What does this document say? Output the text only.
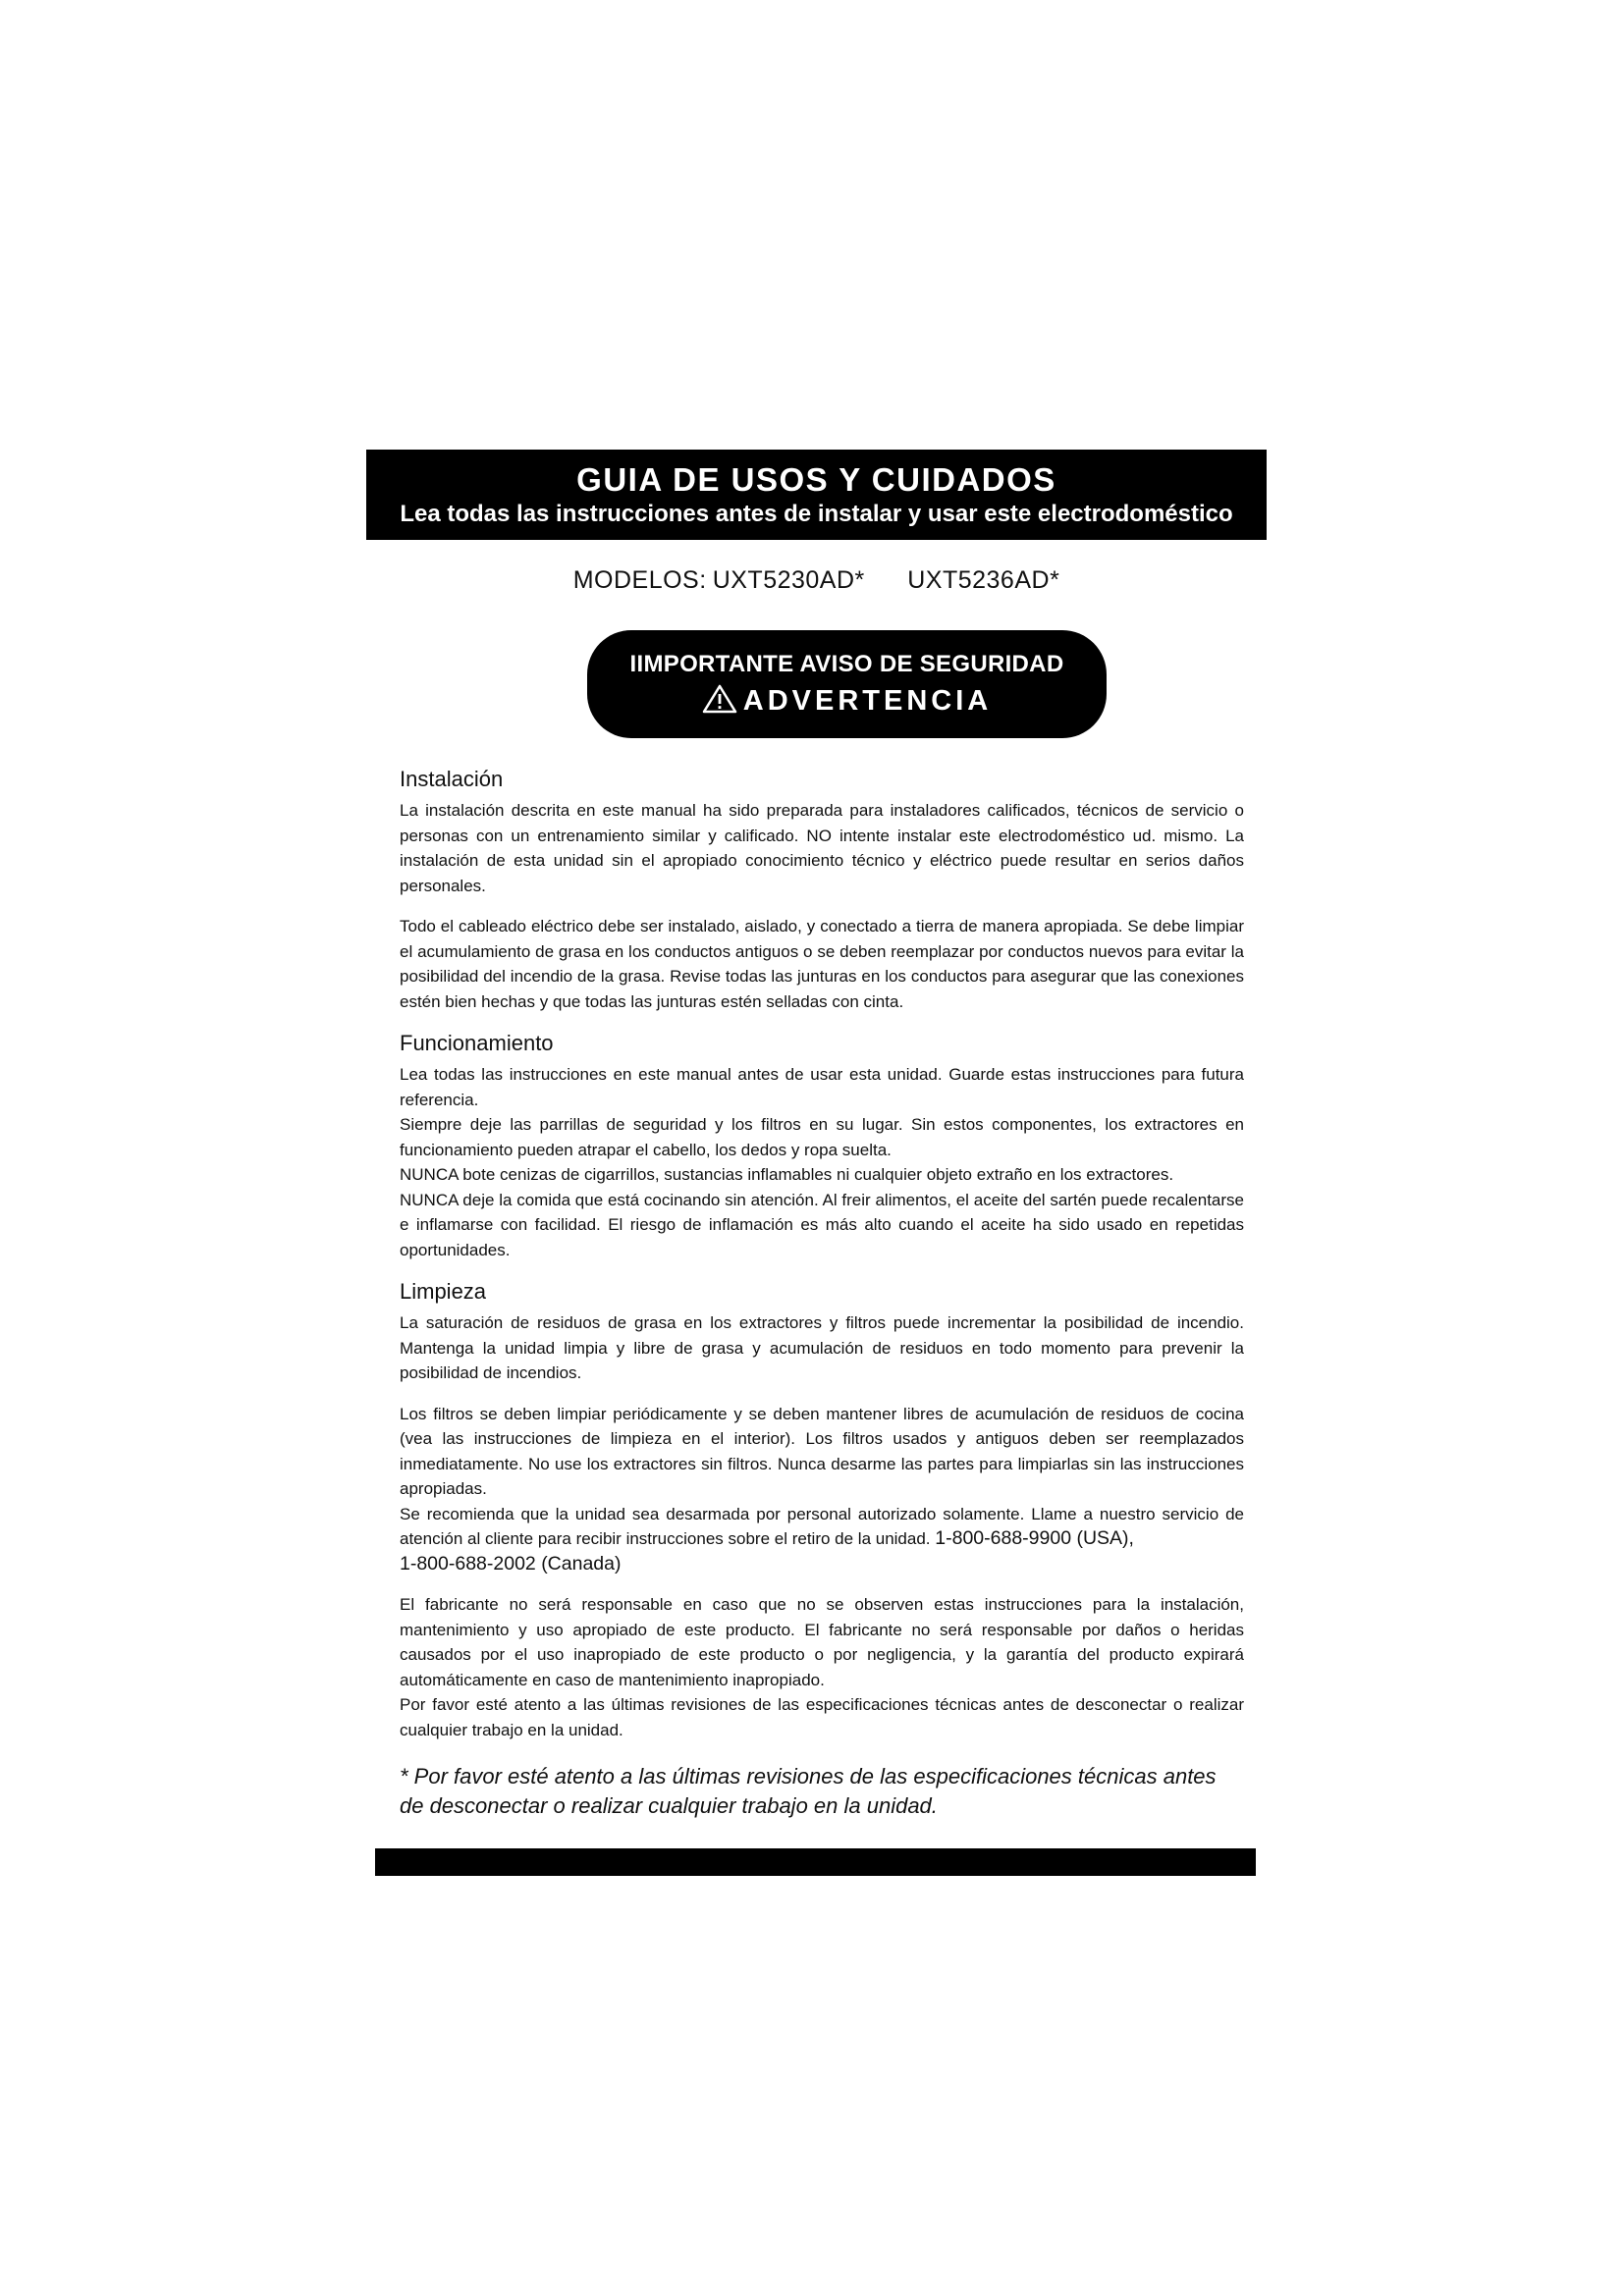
GUIA DE USOS Y CUIDADOS
Lea todas las instrucciones antes de instalar y usar este electrodoméstico
MODELOS: UXT5230AD* UXT5236AD*
IIMPORTANTE AVISO DE SEGURIDAD
ADVERTENCIA
Instalación

La instalación descrita en este manual ha sido preparada para instaladores calificados, técnicos de servicio o personas con un entrenamiento similar y calificado. NO intente instalar este electrodoméstico ud. mismo. La instalación de esta unidad sin el apropiado conocimiento técnico y eléctrico puede resultar en serios daños personales.

Todo el cableado eléctrico debe ser instalado, aislado, y conectado a tierra de manera apropiada. Se debe limpiar el acumulamiento de grasa en los conductos antiguos o se deben reemplazar por conductos nuevos para evitar la posibilidad del incendio de la grasa. Revise todas las junturas en los conductos para asegurar que las conexiones estén bien hechas y que todas las junturas estén selladas con cinta.

Funcionamiento

Lea todas las instrucciones en este manual antes de usar esta unidad. Guarde estas instrucciones para futura referencia.

Siempre deje las parrillas de seguridad y los filtros en su lugar. Sin estos componentes, los extractores en funcionamiento pueden atrapar el cabello, los dedos y ropa suelta.

NUNCA bote cenizas de cigarrillos, sustancias inflamables ni cualquier objeto extraño en los extractores.

NUNCA deje la comida que está cocinando sin atención. Al freir alimentos, el aceite del sartén puede recalentarse e inflamarse con facilidad. El riesgo de inflamación es más alto cuando el aceite ha sido usado en repetidas oportunidades.

Limpieza

La saturación de residuos de grasa en los extractores y filtros puede incrementar la posibilidad de incendio. Mantenga la unidad limpia y libre de grasa y acumulación de residuos en todo momento para prevenir la posibilidad de incendios.

Los filtros se deben limpiar periódicamente y se deben mantener libres de acumulación de residuos de cocina (vea las instrucciones de limpieza en el interior). Los filtros usados y antiguos deben ser reemplazados inmediatamente. No use los extractores sin filtros. Nunca desarme las partes para limpiarlas sin las instrucciones apropiadas.

Se recomienda que la unidad sea desarmada por personal autorizado solamente. Llame a nuestro servicio de atención al cliente para recibir instrucciones sobre el retiro de la unidad. 1-800-688-9900 (USA),
1-800-688-2002 (Canada)

El fabricante no será responsable en caso que no se observen estas instrucciones para la instalación, mantenimiento y uso apropiado de este producto. El fabricante no será responsable por daños o heridas causados por el uso inapropiado de este producto o por negligencia, y la garantía del producto expirará automáticamente en caso de mantenimiento inapropiado.

Por favor esté atento a las últimas revisiones de las especificaciones técnicas antes de desconectar o realizar cualquier trabajo en la unidad.

* Por favor esté atento a las últimas revisiones de las especificaciones técnicas antes de desconectar o realizar cualquier trabajo en la unidad.
